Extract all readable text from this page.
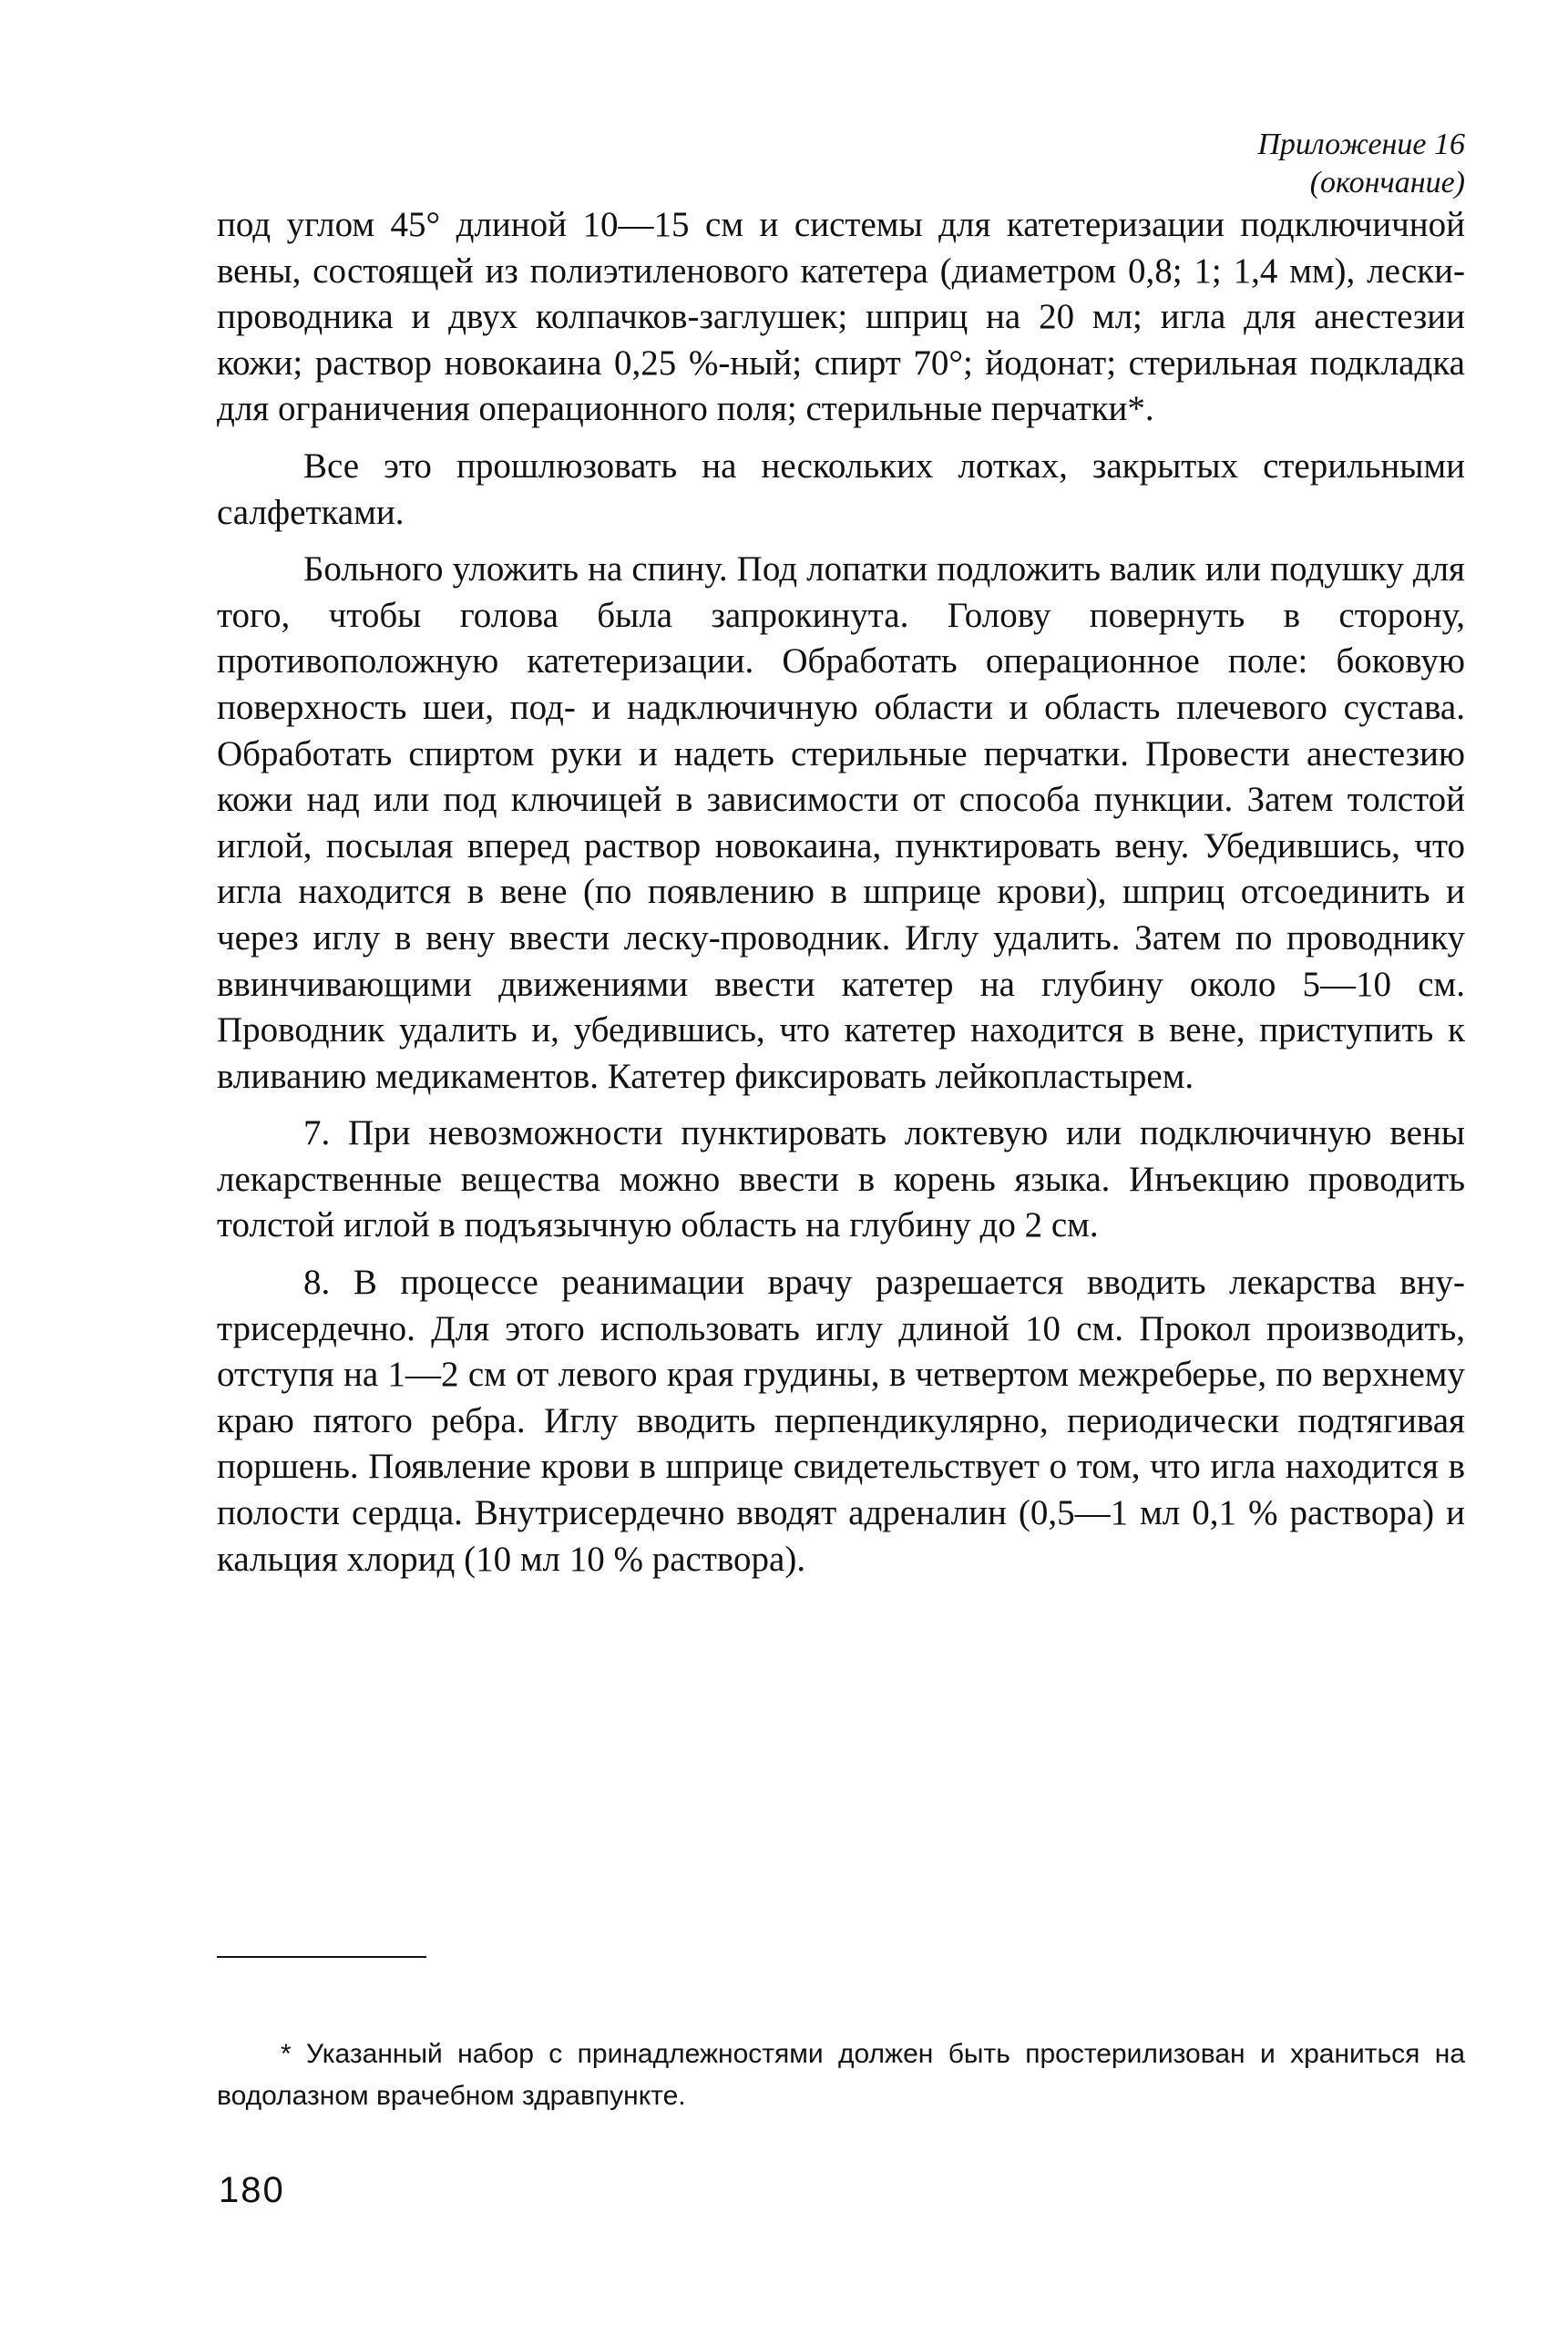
Приложение 16
(окончание)

под углом 45° длиной 10—15 см и системы для катетеризации подключичной вены, состоящей из полиэтиленового катетера (диаметром 0,8; 1; 1,4 мм), лески-проводника и двух колпачков-заглушек; шприц на 20 мл; игла для анестезии кожи; раствор новокаина 0,25 %-ный; спирт 70°; йодонат; стерильная подкладка для ограничения операционного поля; стерильные перчатки*.

Все это прошлюзовать на нескольких лотках, закрытых стерильными салфетками.

Больного уложить на спину. Под лопатки подложить валик или подушку для того, чтобы голова была запрокинута. Голову повернуть в сторону, противоположную катетеризации. Обработать операционное поле: боковую поверхность шеи, под- и надключичную области и область плечевого сустава. Обработать спиртом руки и надеть стерильные перчатки. Провести анестезию кожи над или под ключицей в зависимости от способа пункции. Затем толстой иглой, посылая вперед раствор новокаина, пунктировать вену. Убедившись, что игла находится в вене (по появлению в шприце крови), шприц отсоединить и через иглу в вену ввести леску-проводник. Иглу удалить. Затем по проводнику ввинчивающими движениями ввести катетер на глубину около 5—10 см. Проводник удалить и, убедившись, что катетер находится в вене, приступить к вливанию медикаментов. Катетер фиксировать лейкопластырем.

7. При невозможности пунктировать локтевую или подключичную вены лекарственные вещества можно ввести в корень языка. Инъекцию проводить толстой иглой в подъязычную область на глубину до 2 см.

8. В процессе реанимации врачу разрешается вводить лекарства внутрисердечно. Для этого использовать иглу длиной 10 см. Прокол производить, отступя на 1—2 см от левого края грудины, в четвертом межреберье, по верхнему краю пятого ребра. Иглу вводить перпендикулярно, периодически подтягивая поршень. Появление крови в шприце свидетельствует о том, что игла находится в полости сердца. Внутрисердечно вводят адреналин (0,5—1 мл 0,1 % раствора) и кальция хлорид (10 мл 10 % раствора).

* Указанный набор с принадлежностями должен быть простерилизован и храниться на водолазном врачебном здравпункте.
180
